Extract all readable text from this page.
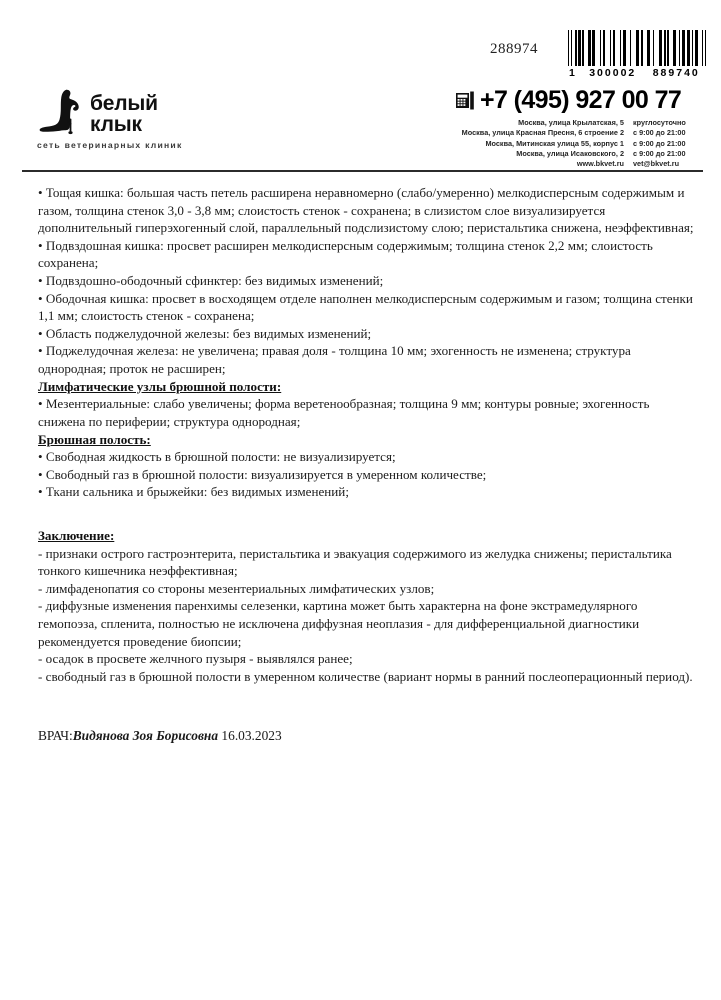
288974
1	300002	889740
белый клык
сеть ветеринарных клиник
+7 (495) 927 00 77
Москва, улица Крылатская, 5	круглосуточно
Москва, улица Красная Пресня, 6 строение 2	с 9:00 до 21:00
Москва, Митинская улица 55, корпус 1	с 9:00 до 21:00
Москва, улица Исаковского, 2	с 9:00 до 21:00
www.bkvet.ru	vet@bkvet.ru

• Тощая кишка: большая часть петель расширена неравномерно (слабо/умеренно) мелкодисперсным содержимым и газом, толщина стенок 3,0 - 3,8 мм; слоистость стенок - сохранена; в слизистом слое визуализируется дополнительный гиперэхогенный слой, параллельный подслизистому слою; перистальтика снижена, неэффективная;

• Подвздошная кишка: просвет расширен мелкодисперсным содержимым; толщина стенок 2,2 мм; слоистость сохранена;

• Подвздошно-ободочный сфинктер: без видимых изменений;

• Ободочная кишка: просвет в восходящем отделе наполнен мелкодисперсным содержимым и газом; толщина стенки 1,1 мм; слоистость стенок - сохранена;

• Область поджелудочной железы: без видимых изменений;

• Поджелудочная железа: не увеличена; правая доля - толщина 10 мм; эхогенность не изменена; структура однородная; проток не расширен;

Лимфатические узлы брюшной полости:

• Мезентериальные: слабо увеличены; форма веретенообразная; толщина 9 мм; контуры ровные; эхогенность снижена по периферии; структура однородная;

Брюшная полость:

• Свободная жидкость в брюшной полости: не визуализируется;

• Свободный газ в брюшной полости: визуализируется в умеренном количестве;

• Ткани сальника и брыжейки: без видимых изменений;

Заключение:

- признаки острого гастроэнтерита, перистальтика и эвакуация содержимого из желудка снижены; перистальтика тонкого кишечника неэффективная;

- лимфаденопатия со стороны мезентериальных лимфатических узлов;

- диффузные изменения паренхимы селезенки, картина может быть характерна на фоне экстрамедулярного гемопоэза, спленита, полностью не исключена диффузная неоплазия - для дифференциальной диагностики рекомендуется проведение биопсии;

- осадок в просвете желчного пузыря - выявлялся ранее;

- свободный газ в брюшной полости в умеренном количестве (вариант нормы в ранний послеоперационный период).

ВРАЧ:Видянова Зоя Борисовна 16.03.2023
